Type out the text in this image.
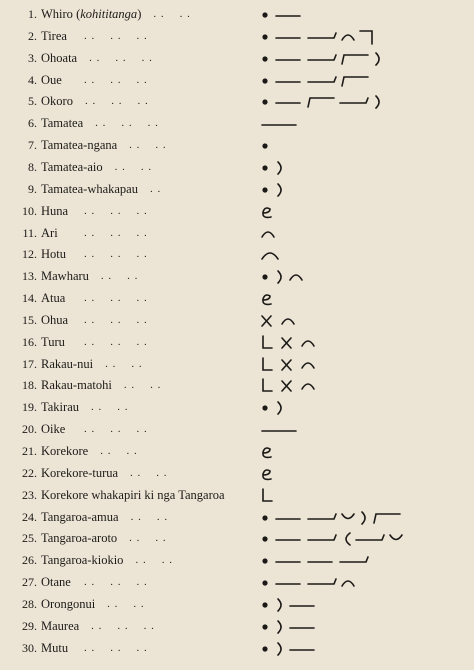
1. Whiro (kohititanga) . .    . .
2. Tirea . .    . .    . .
3. Ohoata . .    . .    . .
4. Oue . .    . .    . .
5. Okoro . .    . .    . .
6. Tamatea . .    . .    . .
7. Tamatea-ngana . .    . .
8. Tamatea-aio . .    . .
9. Tamatea-whakapau . .
10. Huna . .    . .    . .
11. Ari . .    . .    . .
12. Hotu . .    . .    . .
13. Mawharu . .    . .
14. Atua . .    . .    . .
15. Ohua . .    . .    . .
16. Turu . .    . .    . .
17. Rakau-nui . .    . .
18. Rakau-matohi . .    . .
19. Takirau . .    . .
20. Oike . .    . .    . .
21. Korekore . .    . .
22. Korekore-turua . .    . .
23. Korekore whakapiri ki nga Tangaroa
24. Tangaroa-amua . .    . .
25. Tangaroa-aroto . .    . .
26. Tangaroa-kiokio . .    . .
27. Otane . .    . .    . .
28. Orongonui . .    . .
29. Maurea . .    . .    . .
30. Mutu . .    . .    . .
